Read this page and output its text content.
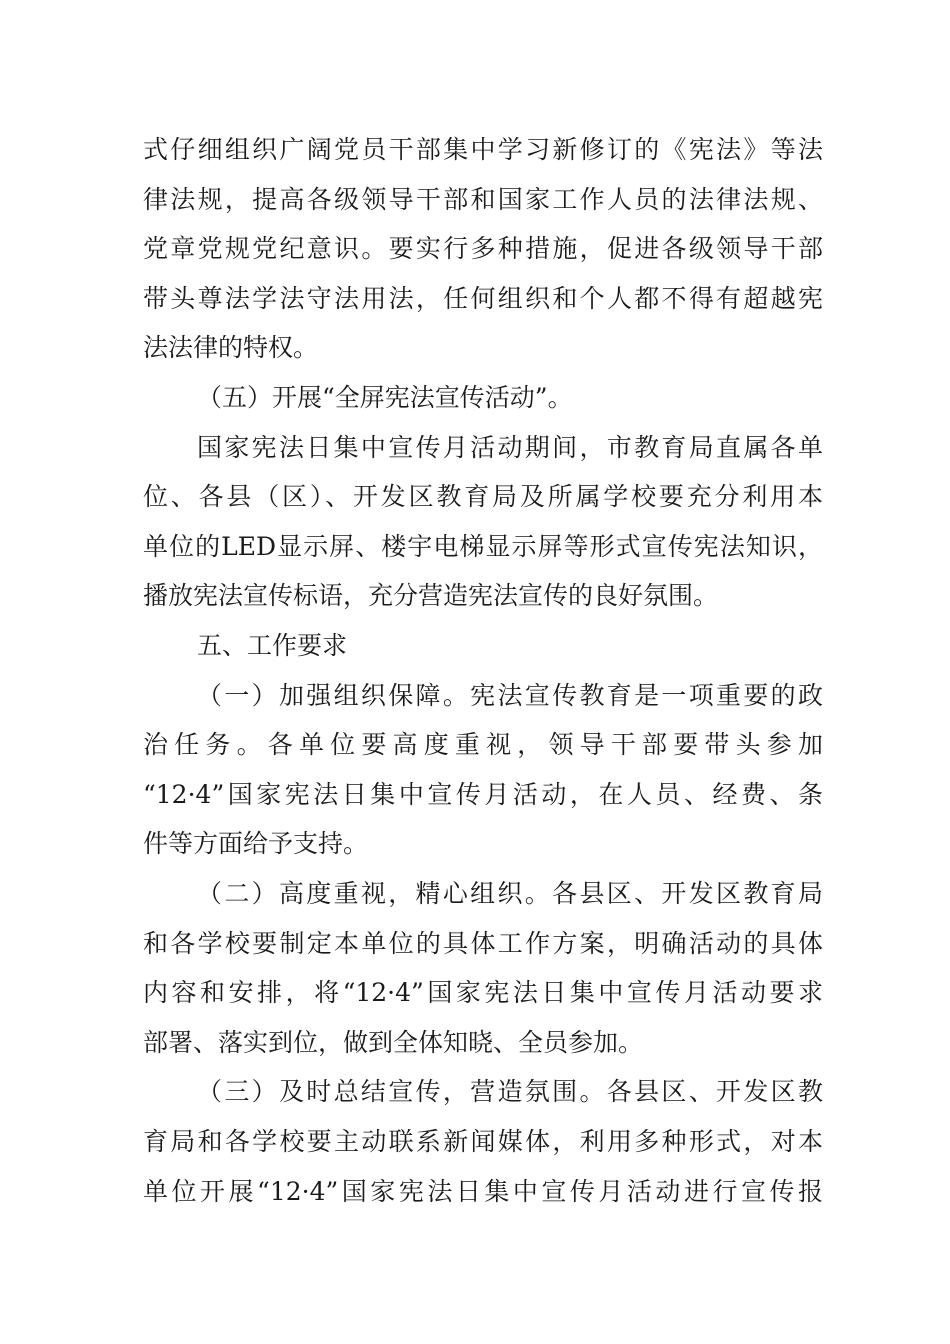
式仔细组织广阔党员干部集中学习新修订的《宪法》等法
律法规，提高各级领导干部和国家工作人员的法律法规、
党章党规党纪意识。要实行多种措施，促进各级领导干部
带头尊法学法守法用法，任何组织和个人都不得有超越宪
法法律的特权。
（五）开展“全屏宪法宣传活动”。
国家宪法日集中宣传月活动期间，市教育局直属各单
位、各县（区）、开发区教育局及所属学校要充分利用本
单位的LED显示屏、楼宇电梯显示屏等形式宣传宪法知识，
播放宪法宣传标语，充分营造宪法宣传的良好氛围。
五、工作要求
（一）加强组织保障。宪法宣传教育是一项重要的政
治任务。各单位要高度重视，领导干部要带头参加
“12·4”国家宪法日集中宣传月活动，在人员、经费、条
件等方面给予支持。
（二）高度重视，精心组织。各县区、开发区教育局
和各学校要制定本单位的具体工作方案，明确活动的具体
内容和安排，将“12·4”国家宪法日集中宣传月活动要求
部署、落实到位，做到全体知晓、全员参加。
（三）及时总结宣传，营造氛围。各县区、开发区教
育局和各学校要主动联系新闻媒体，利用多种形式，对本
单位开展“12·4”国家宪法日集中宣传月活动进行宣传报
